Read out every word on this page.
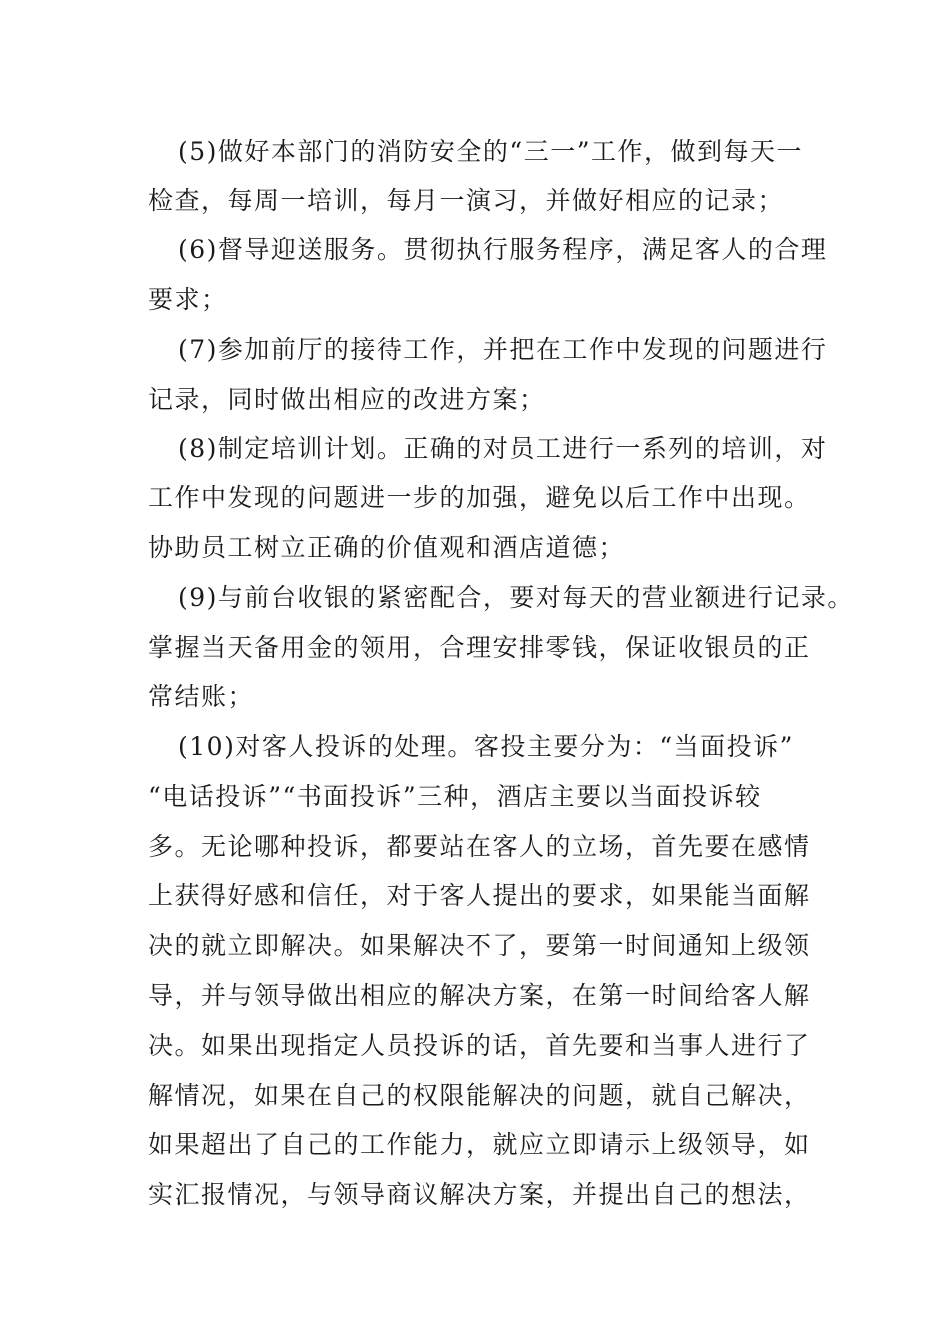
(5)做好本部门的消防安全的“三一”工作，做到每天一
检查，每周一培训，每月一演习，并做好相应的记录；
(6)督导迎送服务。贯彻执行服务程序，满足客人的合理
要求；
(7)参加前厅的接待工作，并把在工作中发现的问题进行
记录，同时做出相应的改进方案；
(8)制定培训计划。正确的对员工进行一系列的培训，对
工作中发现的问题进一步的加强，避免以后工作中出现。
协助员工树立正确的价值观和酒店道德；
(9)与前台收银的紧密配合，要对每天的营业额进行记录。
掌握当天备用金的领用，合理安排零钱，保证收银员的正
常结账；
(10)对客人投诉的处理。客投主要分为：“当面投诉”
“电话投诉”“书面投诉”三种，酒店主要以当面投诉较
多。无论哪种投诉，都要站在客人的立场，首先要在感情
上获得好感和信任，对于客人提出的要求，如果能当面解
决的就立即解决。如果解决不了，要第一时间通知上级领
导，并与领导做出相应的解决方案，在第一时间给客人解
决。如果出现指定人员投诉的话，首先要和当事人进行了
解情况，如果在自己的权限能解决的问题，就自己解决，
如果超出了自己的工作能力，就应立即请示上级领导，如
实汇报情况，与领导商议解决方案，并提出自己的想法，
